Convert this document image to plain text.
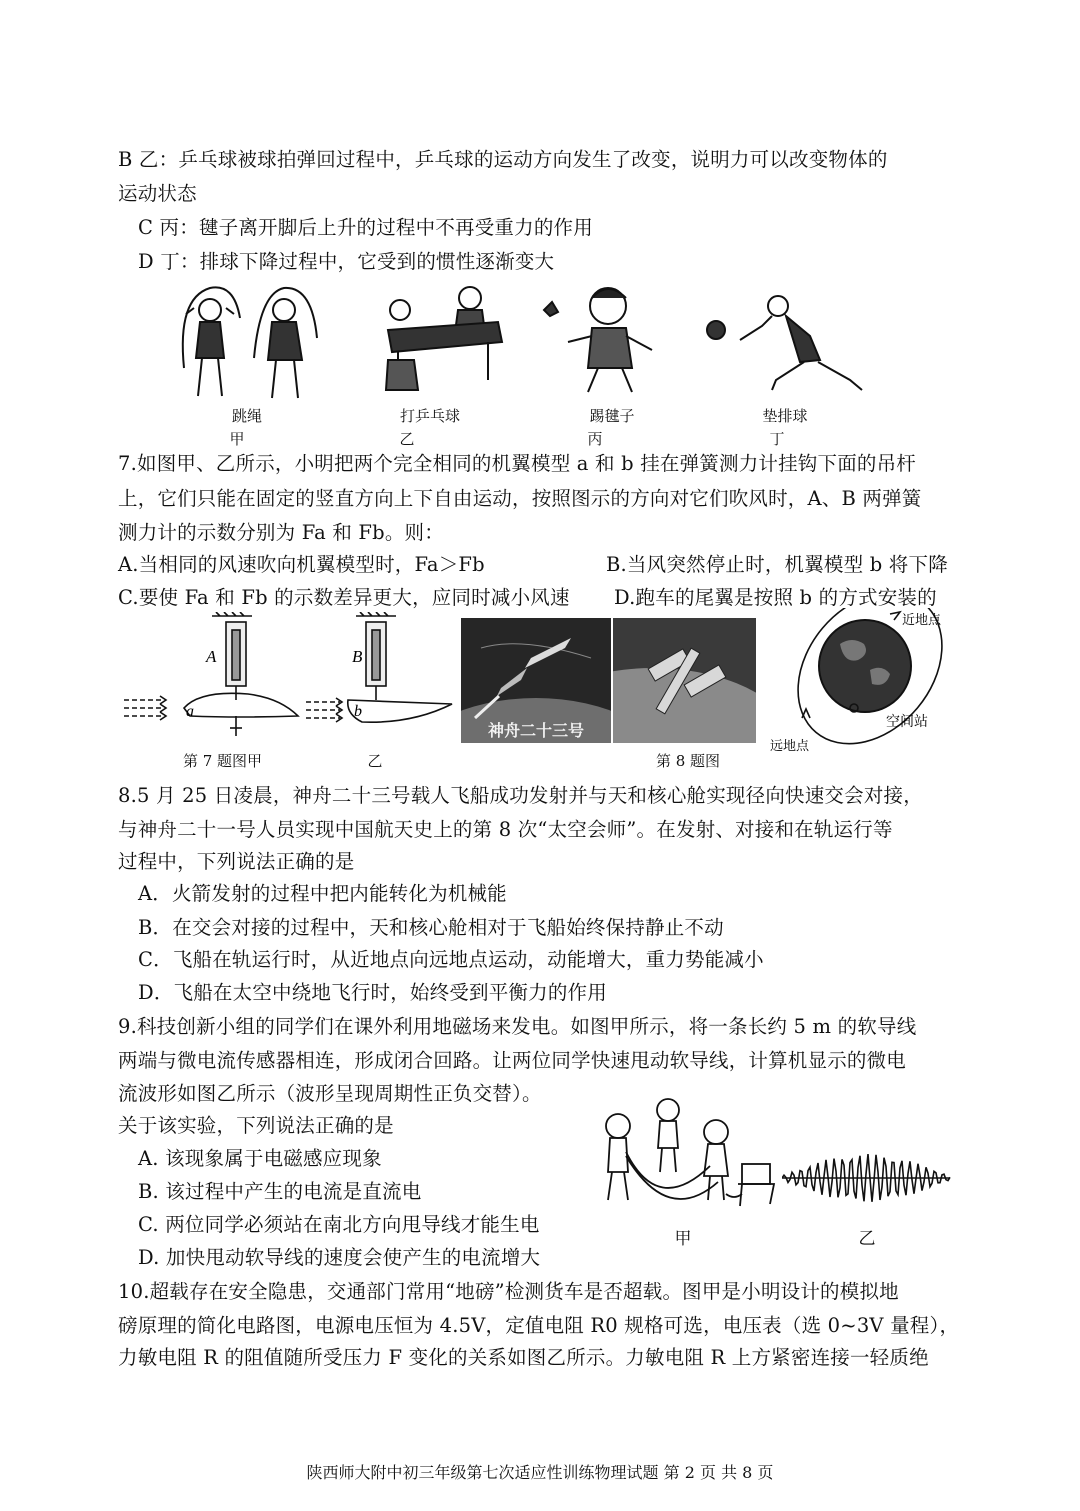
B 乙：乒乓球被球拍弹回过程中，乒乓球的运动方向发生了改变，说明力可以改变物体的
运动状态
C 丙：毽子离开脚后上升的过程中不再受重力的作用
D 丁：排球下降过程中，它受到的惯性逐渐变大
跳绳
甲
打乒乓球
乙
踢毽子
丙
垫排球
丁
7.如图甲、乙所示，小明把两个完全相同的机翼模型 a 和 b 挂在弹簧测力计挂钩下面的吊杆
上，它们只能在固定的竖直方向上下自由运动，按照图示的方向对它们吹风时，A、B 两弹簧
测力计的示数分别为 Fa 和 Fb。则：
A.当相同的风速吹向机翼模型时，Fa＞Fb	B.当风突然停止时，机翼模型 b 将下降
C.要使 Fa 和 Fb 的示数差异更大，应同时减小风速 D.跑车的尾翼是按照 b 的方式安装的
A
a
B
b
神舟二十三号
近地点
空间站
远地点
第 7 题图甲	乙	第 8 题图
8.5 月 25 日凌晨，神舟二十三号载人飞船成功发射并与天和核心舱实现径向快速交会对接，
与神舟二十一号人员实现中国航天史上的第 8 次“太空会师”。在发射、对接和在轨运行等
过程中，下列说法正确的是
A．火箭发射的过程中把内能转化为机械能
B．在交会对接的过程中，天和核心舱相对于飞船始终保持静止不动
C．飞船在轨运行时，从近地点向远地点运动，动能增大，重力势能减小
D．飞船在太空中绕地飞行时，始终受到平衡力的作用
9.科技创新小组的同学们在课外利用地磁场来发电。如图甲所示，将一条长约 5 m 的软导线
两端与微电流传感器相连，形成闭合回路。让两位同学快速甩动软导线，计算机显示的微电
流波形如图乙所示（波形呈现周期性正负交替）。
关于该实验，下列说法正确的是
A. 该现象属于电磁感应现象
B. 该过程中产生的电流是直流电
C. 两位同学必须站在南北方向甩导线才能生电
D. 加快甩动软导线的速度会使产生的电流增大
甲	乙
10.超载存在安全隐患，交通部门常用“地磅”检测货车是否超载。图甲是小明设计的模拟地
磅原理的简化电路图，电源电压恒为 4.5V，定值电阻 R0 规格可选，电压表（选 0~3V 量程），
力敏电阻 R 的阻值随所受压力 F 变化的关系如图乙所示。力敏电阻 R 上方紧密连接一轻质绝
陕西师大附中初三年级第七次适应性训练物理试题 第 2 页 共 8 页
